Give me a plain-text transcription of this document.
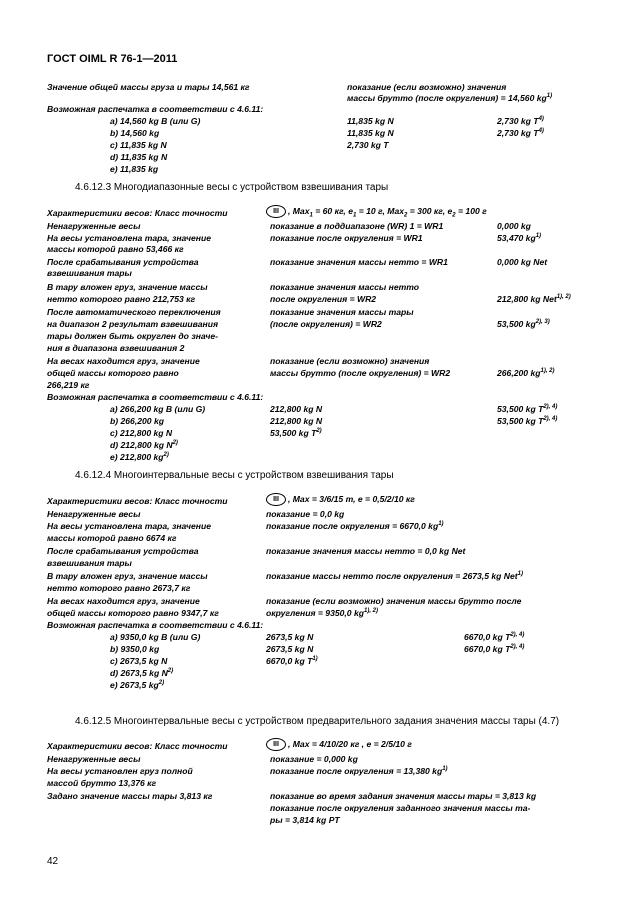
ГОСТ OIML R 76-1—2011
Значение общей массы груза и тары 14,561 кг	показание (если возможно) значения
массы брутто (после округления) = 14,560 $kg^{1)}$
Возможная распечатка в соответствии с 4.6.11:
a) 14,560 kg B (или G)	11,835 kg N	2,730 kg $T^{4)}$
b) 14,560 kg	11,835 kg N	2,730 kg $T^{4)}$
c) 11,835 kg N	2,730 kg T
d) 11,835 kg N
e) 11,835 kg
4.6.12.3 Многодиапазонные весы с устройством взвешивания тары
Характеристики весов: Класс точности	III , Max$_1$ = 60 кг, $e_1 = 10$ г, Max$_2$ = 300 кг, $e_2 = 100$ г
Ненагруженные весы	показание в поддиапазоне (WR) 1 = WR1	0,000 kg
На весы установлена тара, значение
массы которой равно 53,466 кг
показание после округления = WR1	53,470 $kg^{1)}$
После срабатывания устройства
взвешивания тары
показание значения массы нетто = WR1	0,000 kg Net
В тару вложен груз, значение массы
нетто которого равно 212,753 кг
показание значения массы нетто
после округления = WR2	212,800 kg Net$^{1), 2)}$
После автоматического переключения
на диапазон 2 результат взвешивания
тары должен быть округлен до значе-
ния в диапазона взвешивания 2
показание значения массы тары
(после округления) = WR2	53,500 $kg^{2), 3)}$
На весах находится груз, значение
общей массы которого равно
266,219 кг
показание (если возможно) значения
массы брутто (после округления) = WR2	266,200 $kg^{1), 2)}$
Возможная распечатка в соответствии с 4.6.11:
a) 266,200 kg B (или G)	212,800 kg N	53,500 kg $T^{2), 4)}$
b) 266,200 kg	212,800 kg N	53,500 kg $T^{2), 4)}$
c) 212,800 kg N	53,500 kg $T^{2)}$
d) 212,800 kg $N^{2)}$
e) 212,800 $kg^{2)}$
4.6.12.4 Многоинтервальные весы с устройством взвешивания тары
Характеристики весов: Класс точности	III , Max = 3/6/15 т, e = 0,5/2/10 кг
Ненагруженные весы	показание = 0,0 kg
На весы установлена тара, значение
массы которой равно 6674 кг
показание после округления = 6670,0 $kg^{1)}$
После срабатывания устройства
взвешивания тары
показание значения массы нетто = 0,0 kg Net
В тару вложен груз, значение массы
нетто которого равно 2673,7 кг
показание массы нетто после округления = 2673,5 kg Net$^{1)}$
На весах находится груз, значение
общей массы которого равно 9347,7 кг
показание (если возможно) значения массы брутто после
округления = 9350,0 $kg^{1), 2)}$
Возможная распечатка в соответствии с 4.6.11:
a) 9350,0 kg B (или G)	2673,5 kg N	6670,0 kg $T^{2), 4)}$
b) 9350,0 kg	2673,5 kg N	6670,0 kg $T^{2), 4)}$
c) 2673,5 kg N	6670,0 kg $T^{1)}$
d) 2673,5 kg $N^{2)}$
e) 2673,5 $kg^{2)}$
4.6.12.5 Многоинтервальные весы с устройством предварительного задания значения массы тары (4.7)
Характеристики весов: Класс точности	III , Max = 4/10/20 кг , e = 2/5/10 г
Ненагруженные весы	показание = 0,000 kg
На весы установлен груз полной
массой брутто 13,376 кг
показание после округления = 13,380 $kg^{1)}$
Задано значение массы тары 3,813 кг	показание во время задания значения массы тары = 3,813 kg
показание после округления заданного значения массы та-
ры = 3,814 kg PT
42
